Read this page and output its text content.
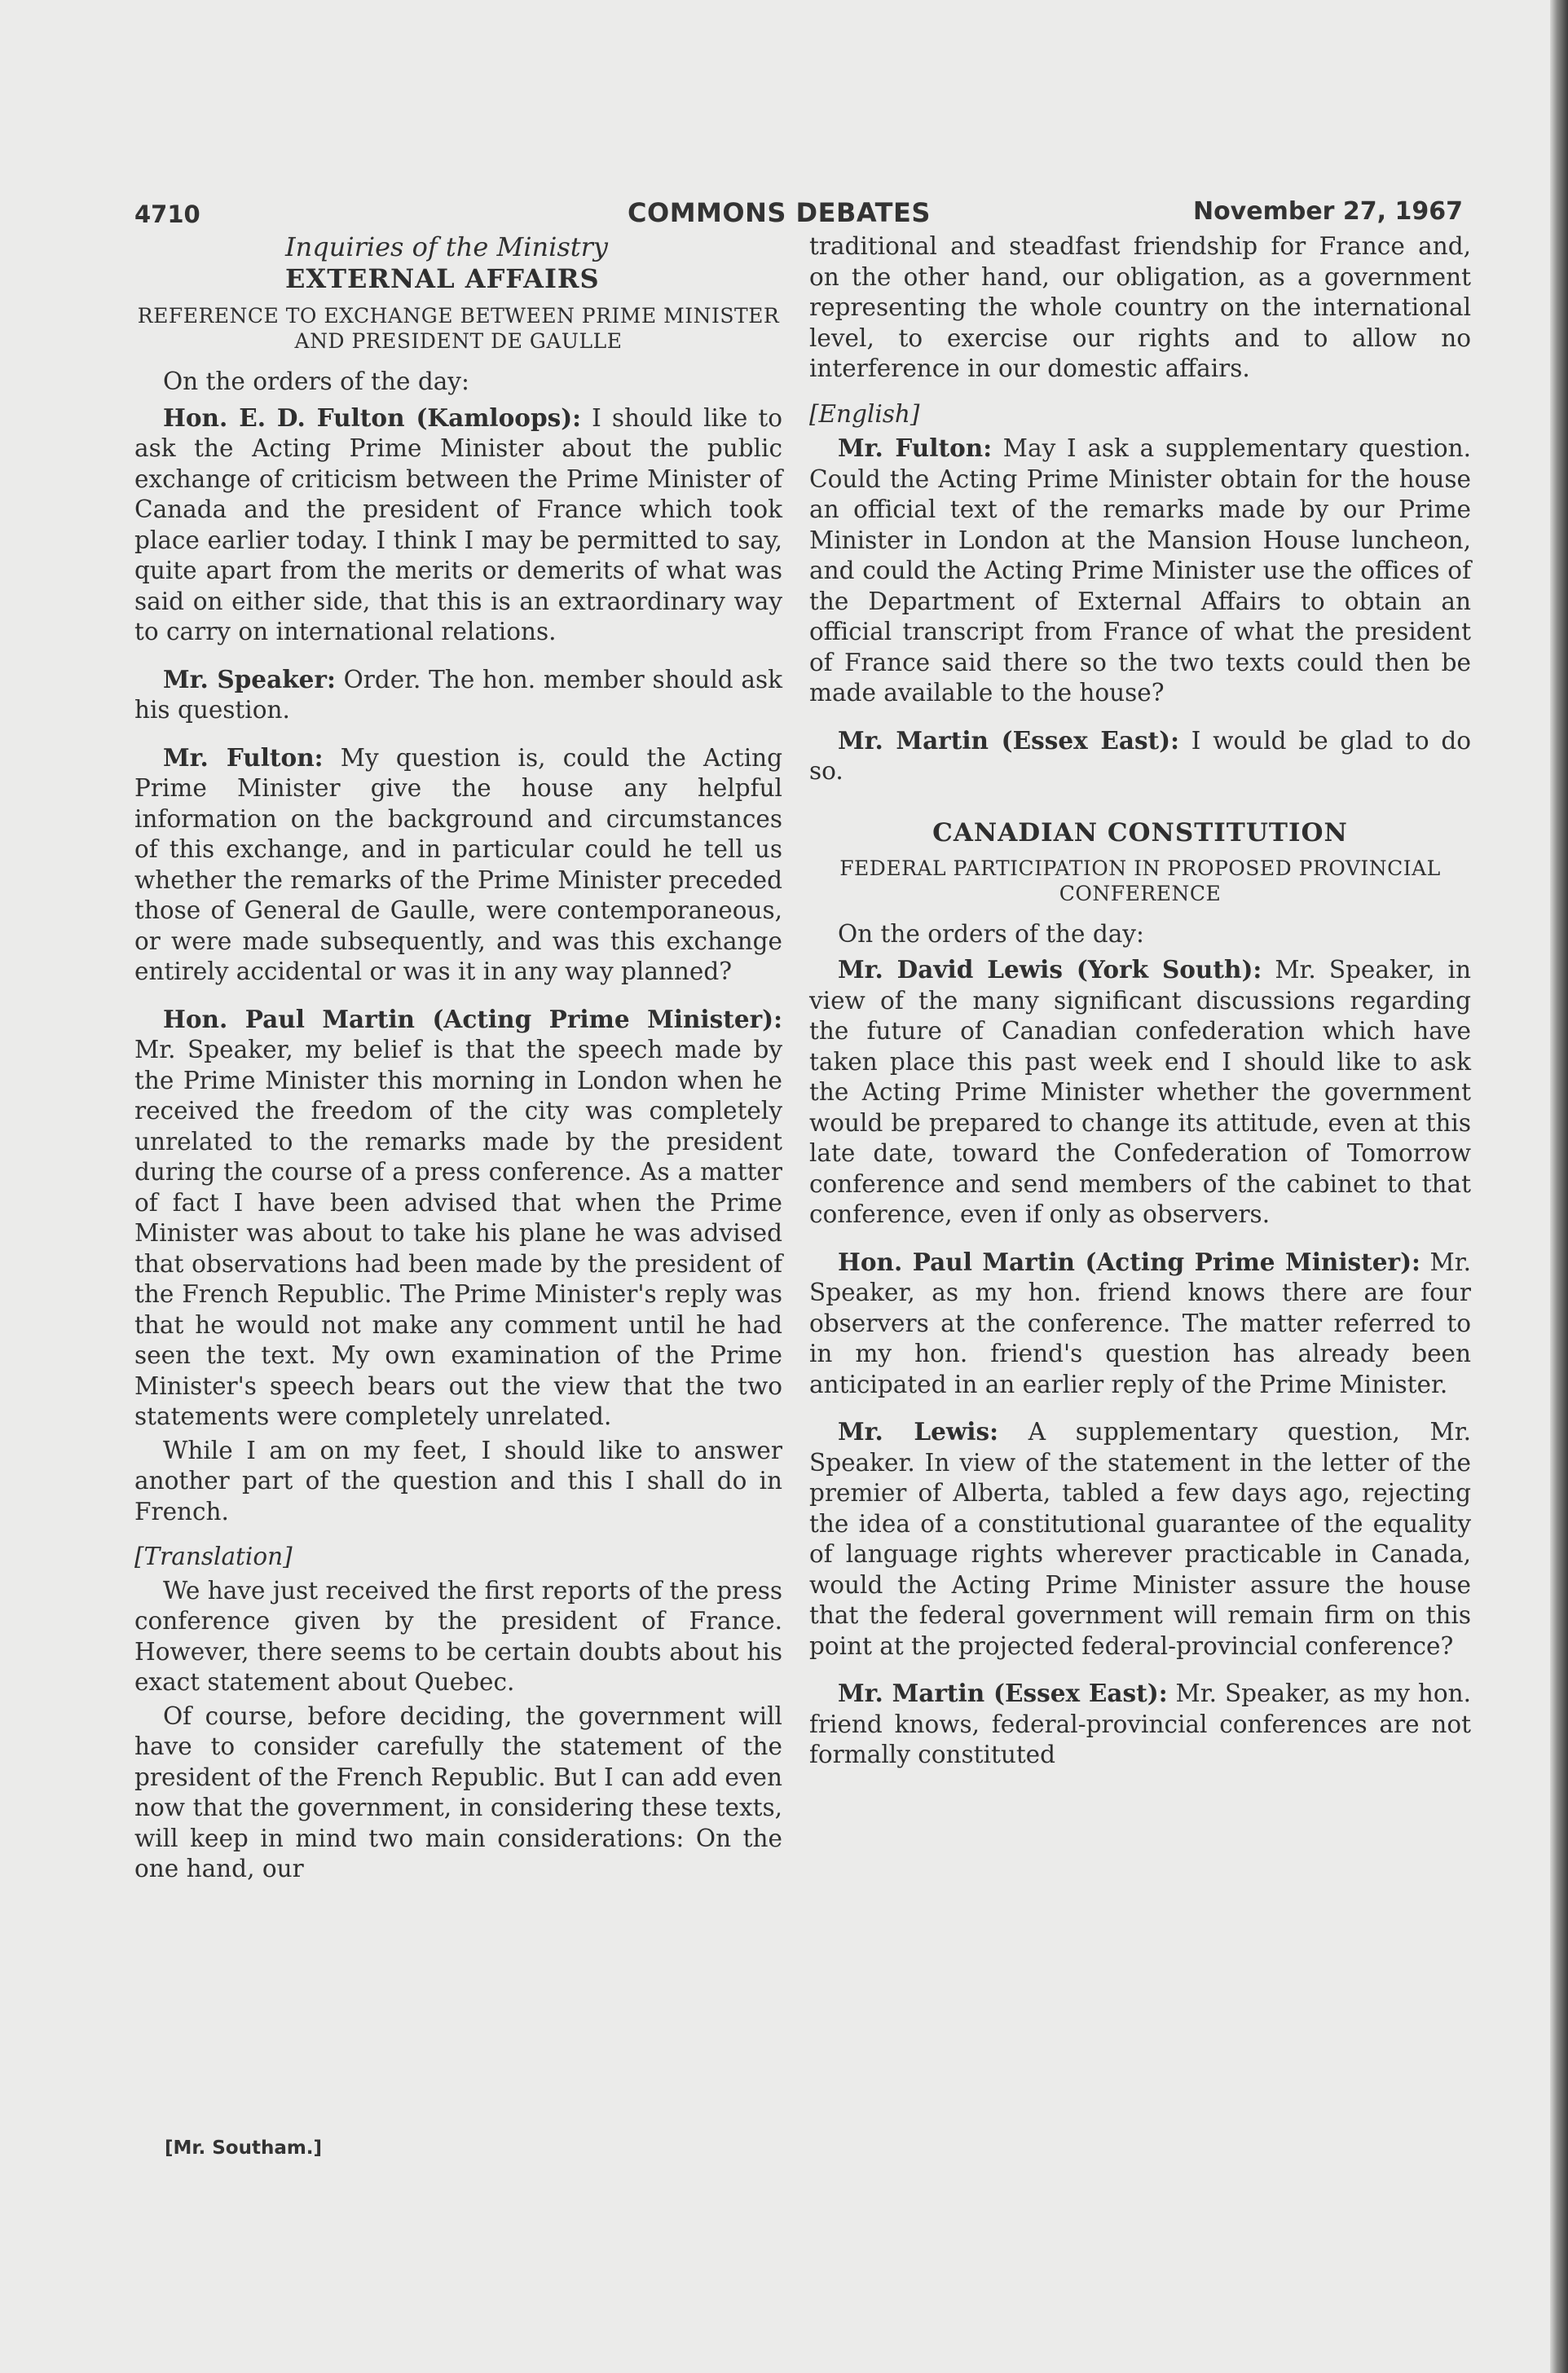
4710	COMMONS DEBATES	November 27, 1967
Inquiries of the Ministry
EXTERNAL AFFAIRS
REFERENCE TO EXCHANGE BETWEEN PRIME MINISTER AND PRESIDENT DE GAULLE

On the orders of the day:

Hon. E. D. Fulton (Kamloops): I should like to ask the Acting Prime Minister about the public exchange of criticism between the Prime Minister of Canada and the president of France which took place earlier today. I think I may be permitted to say, quite apart from the merits or demerits of what was said on either side, that this is an extraordinary way to carry on international relations.

Mr. Speaker: Order. The hon. member should ask his question.

Mr. Fulton: My question is, could the Acting Prime Minister give the house any helpful information on the background and circumstances of this exchange, and in particular could he tell us whether the remarks of the Prime Minister preceded those of General de Gaulle, were contemporaneous, or were made subsequently, and was this exchange entirely accidental or was it in any way planned?

Hon. Paul Martin (Acting Prime Minister): Mr. Speaker, my belief is that the speech made by the Prime Minister this morning in London when he received the freedom of the city was completely unrelated to the remarks made by the president during the course of a press conference. As a matter of fact I have been advised that when the Prime Minister was about to take his plane he was advised that observations had been made by the president of the French Republic. The Prime Minister's reply was that he would not make any comment until he had seen the text. My own examination of the Prime Minister's speech bears out the view that the two statements were completely unrelated.

While I am on my feet, I should like to answer another part of the question and this I shall do in French.

[Translation]

We have just received the first reports of the press conference given by the president of France. However, there seems to be certain doubts about his exact statement about Quebec.

Of course, before deciding, the government will have to consider carefully the statement of the president of the French Republic. But I can add even now that the government, in considering these texts, will keep in mind two main considerations: On the one hand, our

traditional and steadfast friendship for France and, on the other hand, our obligation, as a government representing the whole country on the international level, to exercise our rights and to allow no interference in our domestic affairs.

[English]

Mr. Fulton: May I ask a supplementary question. Could the Acting Prime Minister obtain for the house an official text of the remarks made by our Prime Minister in London at the Mansion House luncheon, and could the Acting Prime Minister use the offices of the Department of External Affairs to obtain an official transcript from France of what the president of France said there so the two texts could then be made available to the house?

Mr. Martin (Essex East): I would be glad to do so.

CANADIAN CONSTITUTION
FEDERAL PARTICIPATION IN PROPOSED PROVINCIAL CONFERENCE

On the orders of the day:

Mr. David Lewis (York South): Mr. Speaker, in view of the many significant discussions regarding the future of Canadian confederation which have taken place this past week end I should like to ask the Acting Prime Minister whether the government would be prepared to change its attitude, even at this late date, toward the Confederation of Tomorrow conference and send members of the cabinet to that conference, even if only as observers.

Hon. Paul Martin (Acting Prime Minister): Mr. Speaker, as my hon. friend knows there are four observers at the conference. The matter referred to in my hon. friend's question has already been anticipated in an earlier reply of the Prime Minister.

Mr. Lewis: A supplementary question, Mr. Speaker. In view of the statement in the letter of the premier of Alberta, tabled a few days ago, rejecting the idea of a constitutional guarantee of the equality of language rights wherever practicable in Canada, would the Acting Prime Minister assure the house that the federal government will remain firm on this point at the projected federal-provincial conference?

Mr. Martin (Essex East): Mr. Speaker, as my hon. friend knows, federal-provincial conferences are not formally constituted

[Mr. Southam.]
